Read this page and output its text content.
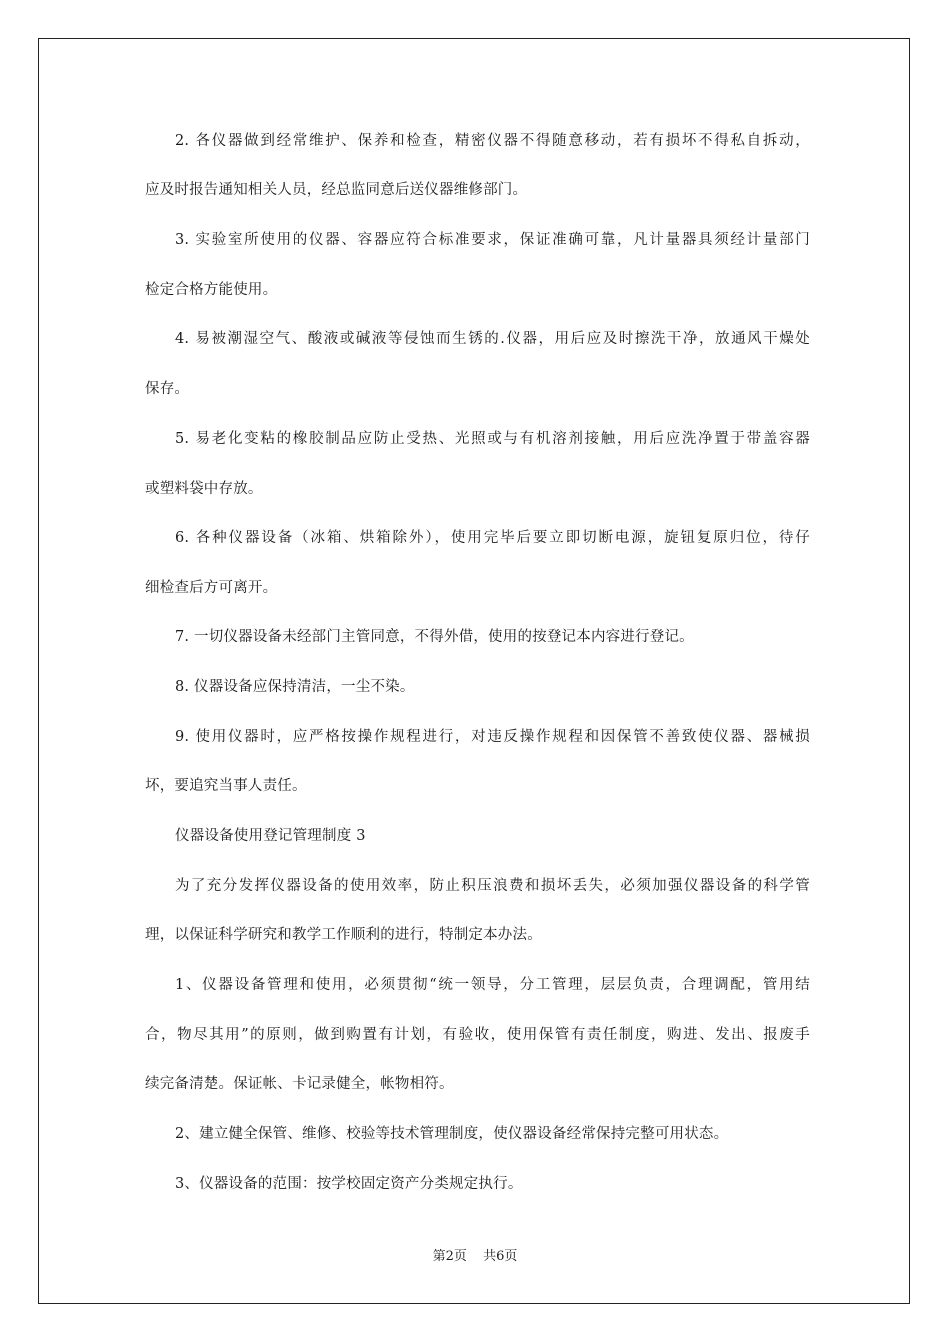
2. 各仪器做到经常维护、保养和检查，精密仪器不得随意移动，若有损坏不得私自拆动，
应及时报告通知相关人员，经总监同意后送仪器维修部门。
3. 实验室所使用的仪器、容器应符合标准要求，保证准确可靠，凡计量器具须经计量部门
检定合格方能使用。
4. 易被潮湿空气、酸液或碱液等侵蚀而生锈的.仪器，用后应及时擦洗干净，放通风干燥处
保存。
5. 易老化变粘的橡胶制品应防止受热、光照或与有机溶剂接触，用后应洗净置于带盖容器
或塑料袋中存放。
6. 各种仪器设备（冰箱、烘箱除外），使用完毕后要立即切断电源，旋钮复原归位，待仔
细检查后方可离开。
7. 一切仪器设备未经部门主管同意，不得外借，使用的按登记本内容进行登记。
8. 仪器设备应保持清洁，一尘不染。
9. 使用仪器时，应严格按操作规程进行，对违反操作规程和因保管不善致使仪器、器械损
坏，要追究当事人责任。
仪器设备使用登记管理制度 3
为了充分发挥仪器设备的使用效率，防止积压浪费和损坏丢失，必须加强仪器设备的科学管
理，以保证科学研究和教学工作顺利的进行，特制定本办法。
1、仪器设备管理和使用，必须贯彻“统一领导，分工管理，层层负责，合理调配，管用结
合，物尽其用”的原则，做到购置有计划，有验收，使用保管有责任制度，购进、发出、报废手
续完备清楚。保证帐、卡记录健全，帐物相符。
2、建立健全保管、维修、校验等技术管理制度，使仪器设备经常保持完整可用状态。
3、仪器设备的范围：按学校固定资产分类规定执行。
第2页 共6页
